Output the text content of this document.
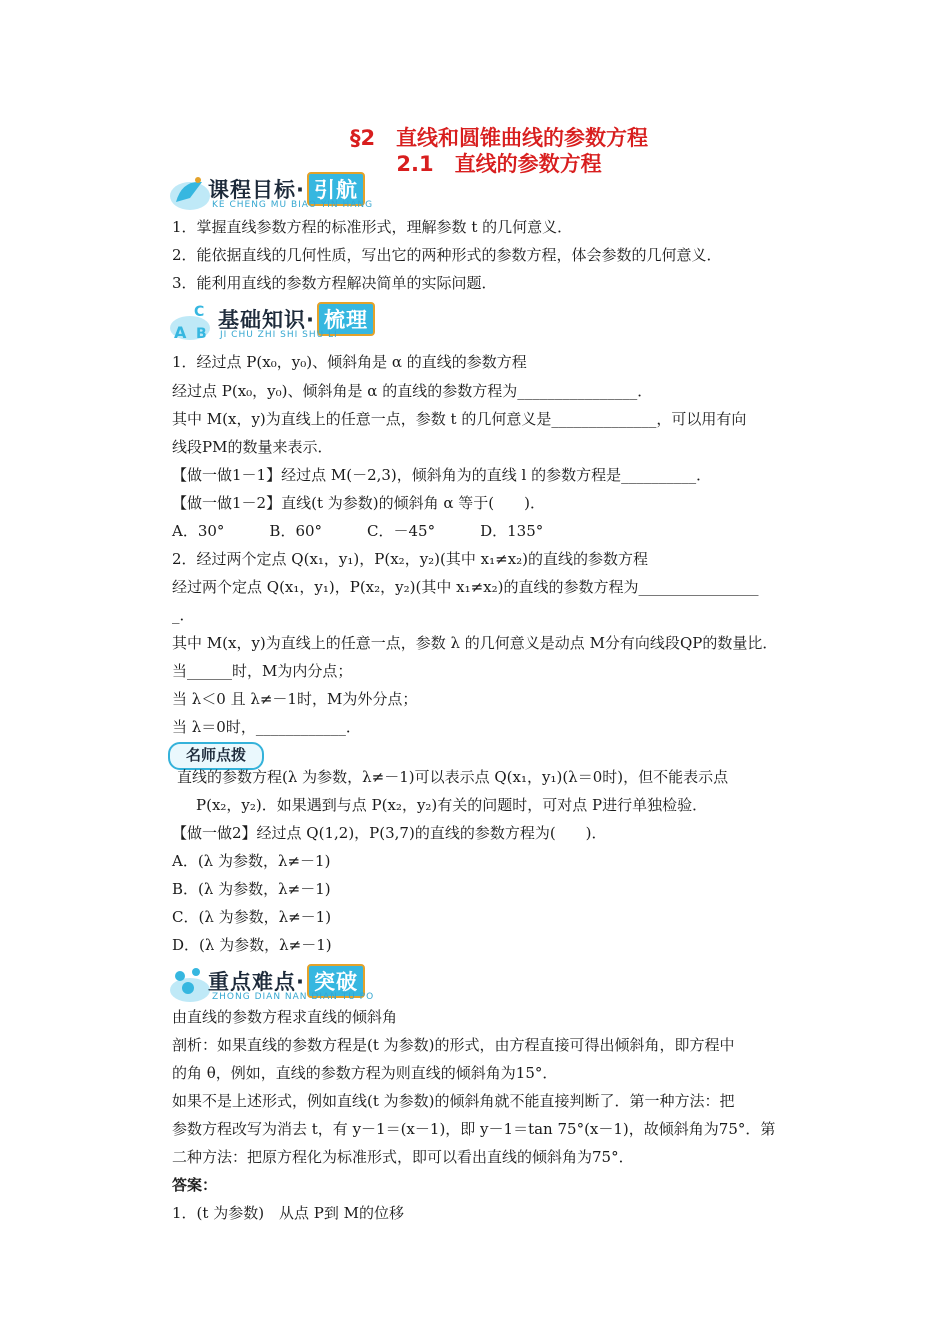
§2　直线和圆锥曲线的参数方程
2.1　直线的参数方程
课程目标· 引航
KE CHENG MU BIAO YIN HANG
1．掌握直线参数方程的标准形式，理解参数 t 的几何意义．
2．能依据直线的几何性质，写出它的两种形式的参数方程，体会参数的几何意义．
3．能利用直线的参数方程解决简单的实际问题．
A
C
B
基础知识· 梳理
JI CHU ZHI SHI SHU LI
1．经过点 P(x₀，y₀)、倾斜角是 α 的直线的参数方程
经过点 P(x₀，y₀)、倾斜角是 α 的直线的参数方程为________________．
其中 M(x，y)为直线上的任意一点，参数 t 的几何意义是______________，可以用有向
线段PM的数量来表示．
【做一做1－1】经过点 M(－2,3)，倾斜角为的直线 l 的参数方程是__________．
【做一做1－2】直线(t 为参数)的倾斜角 α 等于(　　)．
A．30°　　　B．60°　　　C．－45°　　　D．135°
2．经过两个定点 Q(x₁，y₁)，P(x₂，y₂)(其中 x₁≠x₂)的直线的参数方程
经过两个定点 Q(x₁，y₁)，P(x₂，y₂)(其中 x₁≠x₂)的直线的参数方程为________________
_．
其中 M(x，y)为直线上的任意一点，参数 λ 的几何意义是动点 M分有向线段QP的数量比．
当______时，M为内分点；
当 λ＜0 且 λ≠－1时，M为外分点；
当 λ＝0时，____________．
名师点拨
直线的参数方程(λ 为参数，λ≠－1)可以表示点 Q(x₁，y₁)(λ＝0时)，但不能表示点
P(x₂，y₂)．如果遇到与点 P(x₂，y₂)有关的问题时，可对点 P进行单独检验．
【做一做2】经过点 Q(1,2)，P(3,7)的直线的参数方程为(　　)．
A．(λ 为参数，λ≠－1)
B．(λ 为参数，λ≠－1)
C．(λ 为参数，λ≠－1)
D．(λ 为参数，λ≠－1)
重点难点· 突破
ZHONG DIAN NAN DIAN TU PO
由直线的参数方程求直线的倾斜角
剖析：如果直线的参数方程是(t 为参数)的形式，由方程直接可得出倾斜角，即方程中
的角 θ，例如，直线的参数方程为则直线的倾斜角为15°．
如果不是上述形式，例如直线(t 为参数)的倾斜角就不能直接判断了．第一种方法：把
参数方程改写为消去 t，有 y－1＝(x－1)，即 y－1＝tan 75°(x－1)，故倾斜角为75°．第
二种方法：把原方程化为标准形式，即可以看出直线的倾斜角为75°．
答案：
1．(t 为参数)　从点 P到 M的位移
